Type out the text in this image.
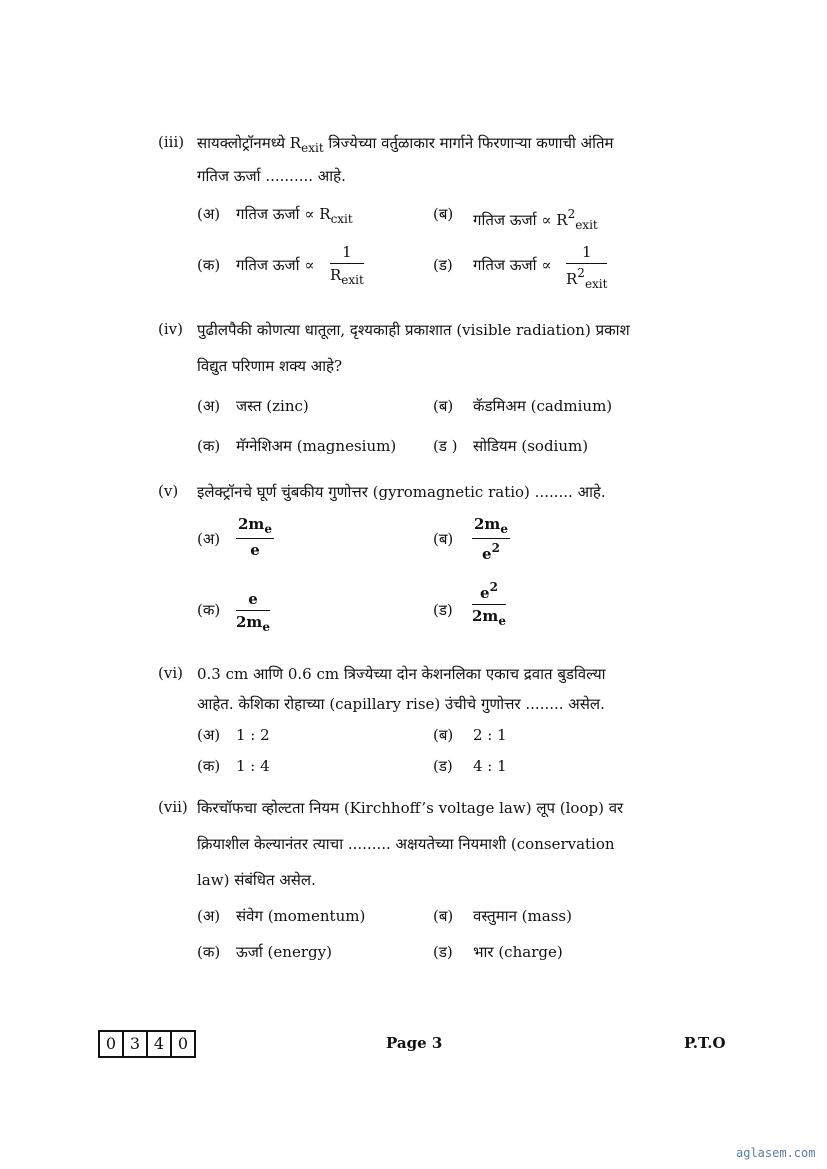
(iii) सायक्लोट्रॉनमध्ये $R_{exit}$ त्रिज्येच्या वर्तुळाकार मार्गाने फिरणाऱ्या कणाची अंतिम
गतिज ऊर्जा .......... आहे.
(अ) गतिज ऊर्जा ∝ $R_{cxit}$	(ब) गतिज ऊर्जा ∝ $R^2_{exit}$
(क) गतिज ऊर्जा ∝
1
$R_{exit}$
(ड) गतिज ऊर्जा ∝
1
$R^2_{exit}$
(iv) पुढीलपैकी कोणत्या धातूला, दृश्यकाही प्रकाशात (visible radiation) प्रकाश
विद्युत परिणाम शक्य आहे?
(अ) जस्त (zinc)	(ब) कॅडमिअम (cadmium)
(क) मॅग्नेशिअम (magnesium) (ड ) सोडियम (sodium)
(v) इलेक्ट्रॉनचे घूर्ण चुंबकीय गुणोत्तर (gyromagnetic ratio) ........ आहे.
(अ)
$2m_e$
e
(ब)
$2m_e$
$e^2$
(क)
e
$2m_e$
(ड)
$e^2$
$2m_e$
(vi) 0.3 cm आणि 0.6 cm त्रिज्येच्या दोन केशनलिका एकाच द्रवात बुडविल्या
आहेत. केशिका रोहाच्या (capillary rise) उंचीचे गुणोत्तर ........ असेल.
(अ) 1 : 2	(ब) 2 : 1
(क) 1 : 4	(ड) 4 : 1
(vii) किरचॉफचा व्होल्टता नियम (Kirchhoff’s voltage law) लूप (loop) वर
क्रियाशील केल्यानंतर त्याचा ......... अक्षयतेच्या नियमाशी (conservation
law) संबंधित असेल.
(अ) संवेग (momentum)	(ब) वस्तुमान (mass)
(क) ऊर्जा (energy)	(ड) भार (charge)
0 3 4 0	Page 3	P.T.O
aglasem.com
